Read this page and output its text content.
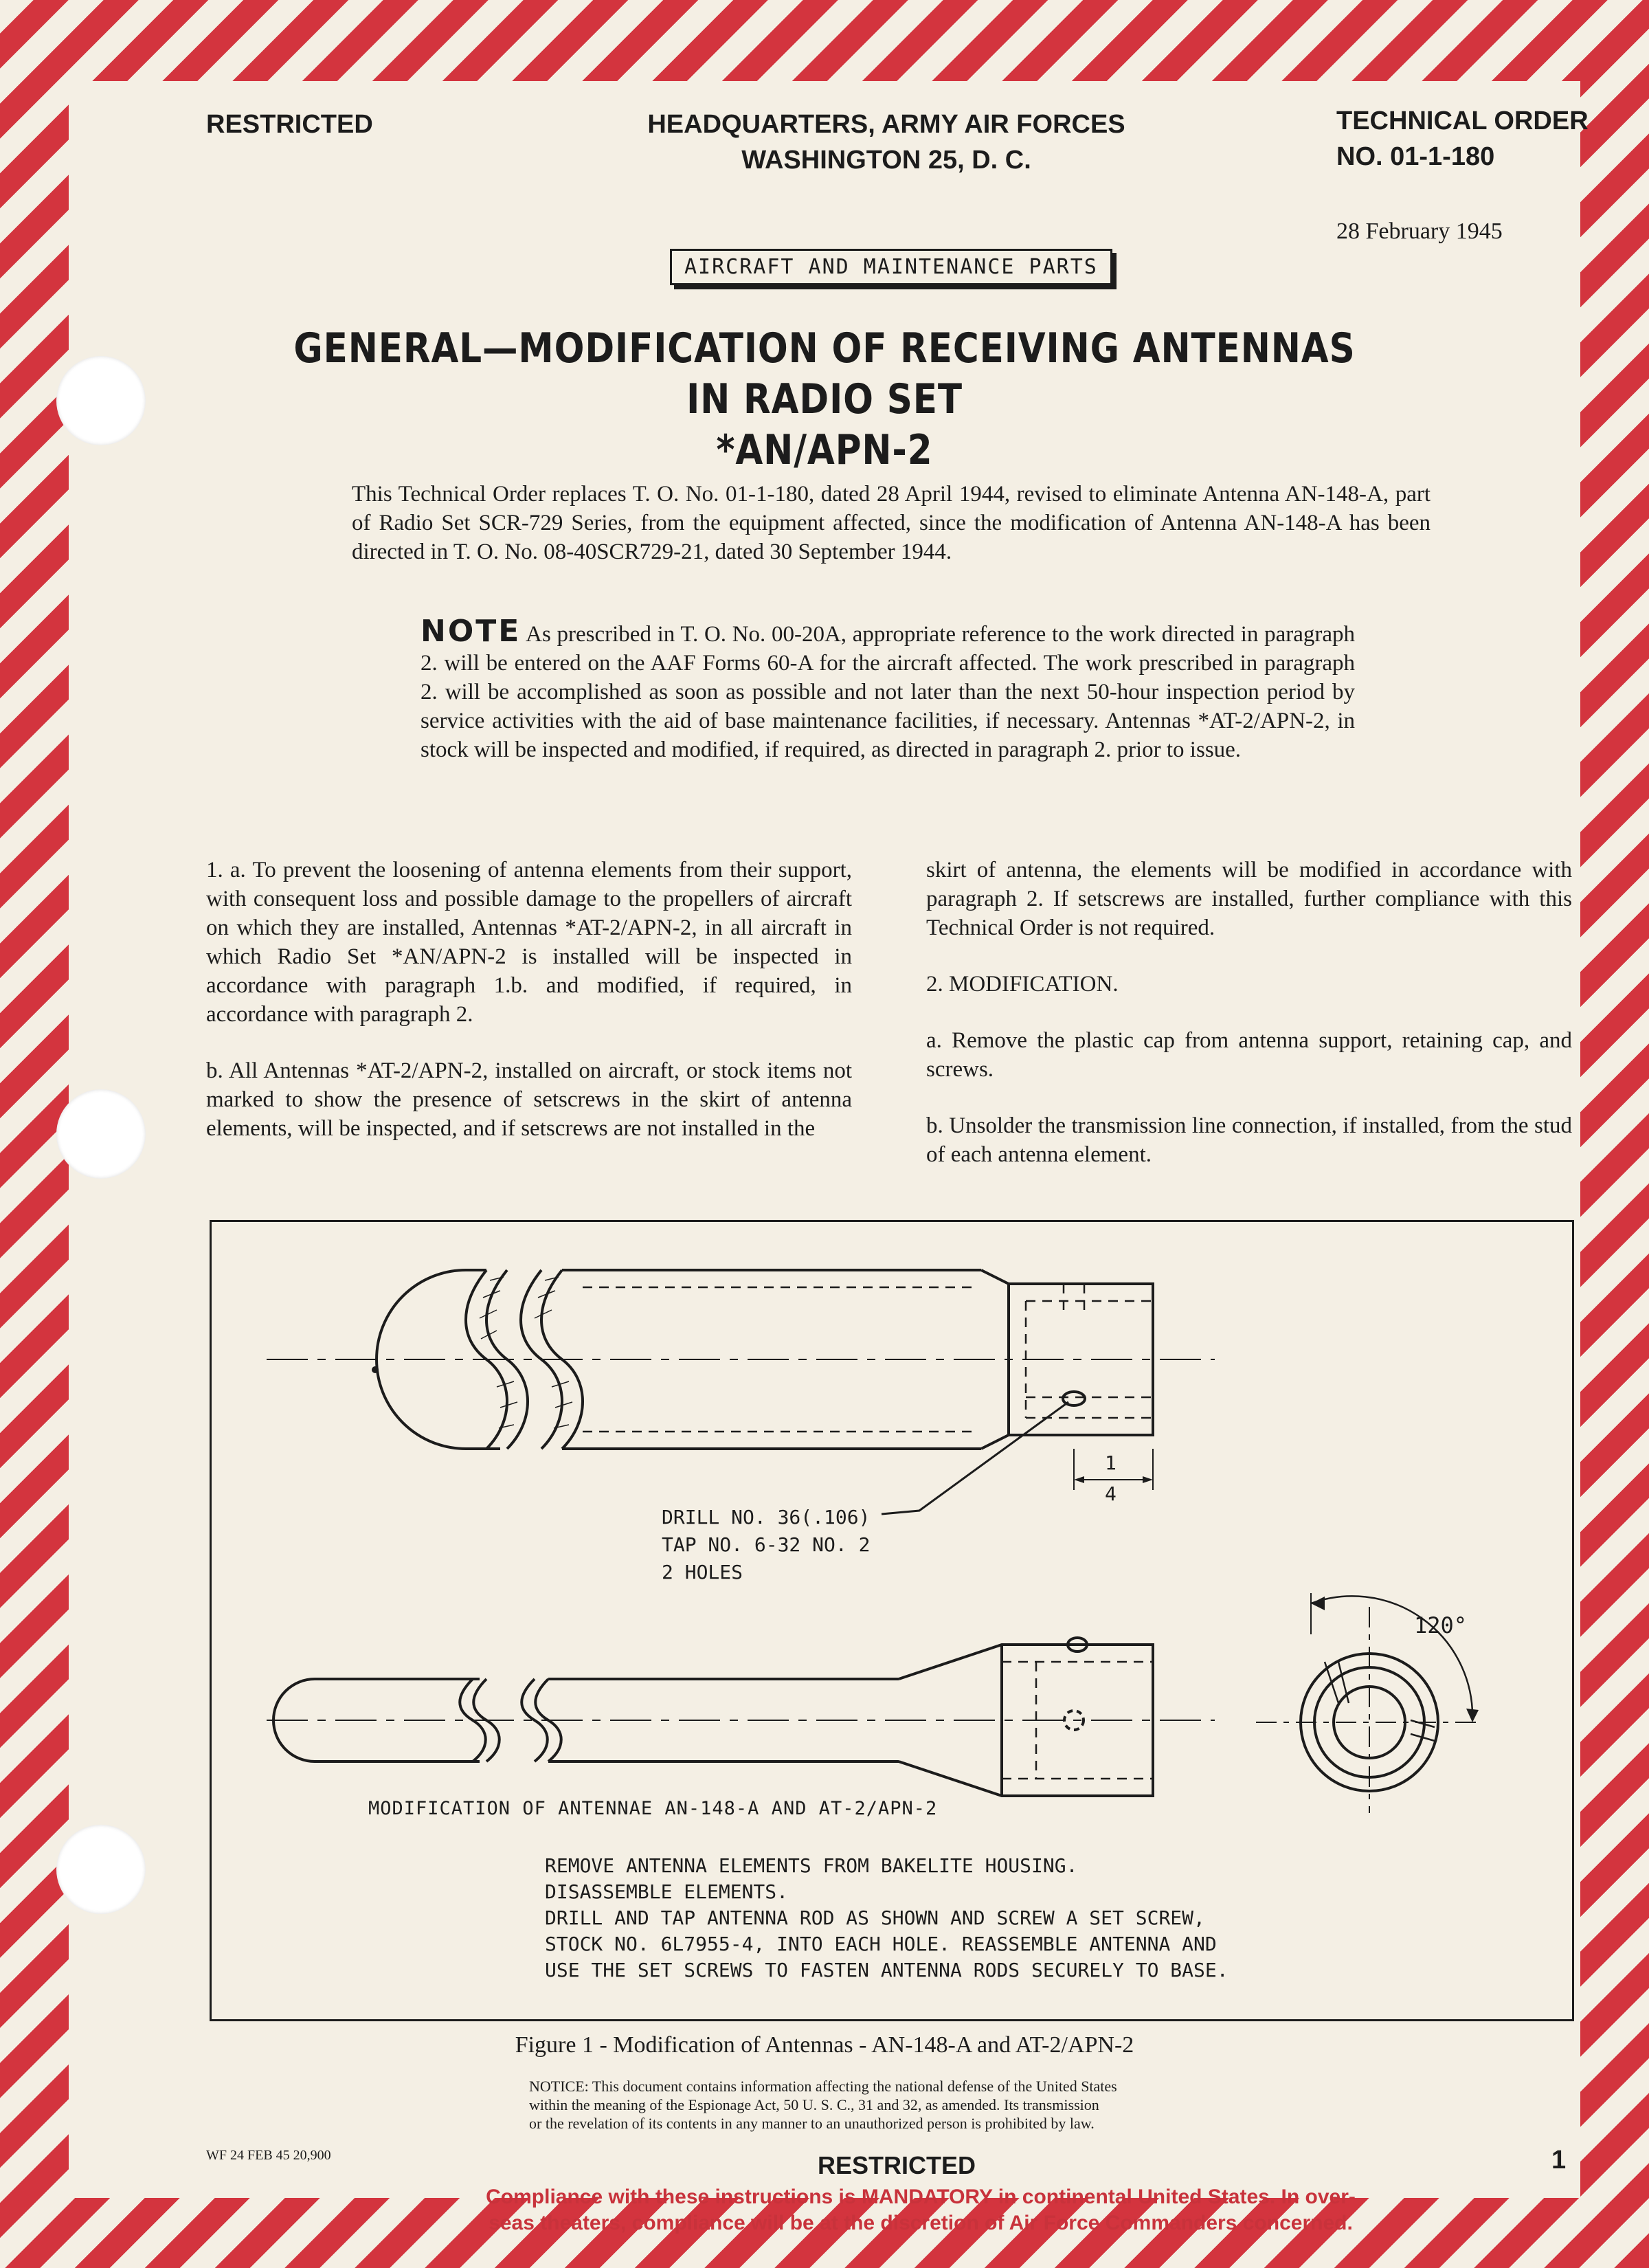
RESTRICTED	HEADQUARTERS, ARMY AIR FORCES
WASHINGTON 25, D. C.
TECHNICAL ORDER
NO. 01-1-180
28 February 1945
AIRCRAFT AND MAINTENANCE PARTS
GENERAL—MODIFICATION OF RECEIVING ANTENNAS IN RADIO SET
*AN/APN-2
This Technical Order replaces T. O. No. 01-1-180, dated 28 April 1944, revised to eliminate Antenna AN-148-A, part of Radio Set SCR-729 Series, from the equipment affected, since the modification of Antenna AN-148-A has been directed in T. O. No. 08-40SCR729-21, dated 30 September 1944.
NOTE As prescribed in T. O. No. 00-20A, appropriate reference to the work directed in paragraph 2. will be entered on the AAF Forms 60-A for the aircraft affected. The work prescribed in paragraph 2. will be accomplished as soon as possible and not later than the next 50-hour inspection period by service activities with the aid of base maintenance facilities, if necessary. Antennas *AT-2/APN-2, in stock will be inspected and modified, if required, as directed in paragraph 2. prior to issue.

1. a. To prevent the loosening of antenna elements from their support, with consequent loss and possible damage to the propellers of aircraft on which they are installed, Antennas *AT-2/APN-2, in all aircraft in which Radio Set *AN/APN-2 is installed will be inspected in accordance with paragraph 1.b. and modified, if required, in accordance with paragraph 2.

b. All Antennas *AT-2/APN-2, installed on aircraft, or stock items not marked to show the presence of setscrews in the skirt of antenna elements, will be inspected, and if setscrews are not installed in the

skirt of antenna, the elements will be modified in accordance with paragraph 2. If setscrews are installed, further compliance with this Technical Order is not required.

2. MODIFICATION.

a. Remove the plastic cap from antenna support, retaining cap, and screws.

b. Unsolder the transmission line connection, if installed, from the stud of each antenna element.

1
4
120°
DRILL NO. 36(.106)
TAP NO. 6-32 NO. 2
2 HOLES
MODIFICATION OF ANTENNAE AN-148-A AND AT-2/APN-2
REMOVE ANTENNA ELEMENTS FROM BAKELITE HOUSING.
DISASSEMBLE ELEMENTS.
DRILL AND TAP ANTENNA ROD AS SHOWN AND SCREW A SET SCREW,
STOCK NO. 6L7955-4, INTO EACH HOLE. REASSEMBLE ANTENNA AND
USE THE SET SCREWS TO FASTEN ANTENNA RODS SECURELY TO BASE.
Figure 1 - Modification of Antennas - AN-148-A and AT-2/APN-2
NOTICE: This document contains information affecting the national defense of the United States
within the meaning of the Espionage Act, 50 U. S. C., 31 and 32, as amended. Its transmission
or the revelation of its contents in any manner to an unauthorized person is prohibited by law.
WF 24 FEB 45 20,900	RESTRICTED	1
Compliance with these instructions is MANDATORY in continental United States. In over-
seas theaters, compliance will be at the discretion of Air Force Commanders concerned.
